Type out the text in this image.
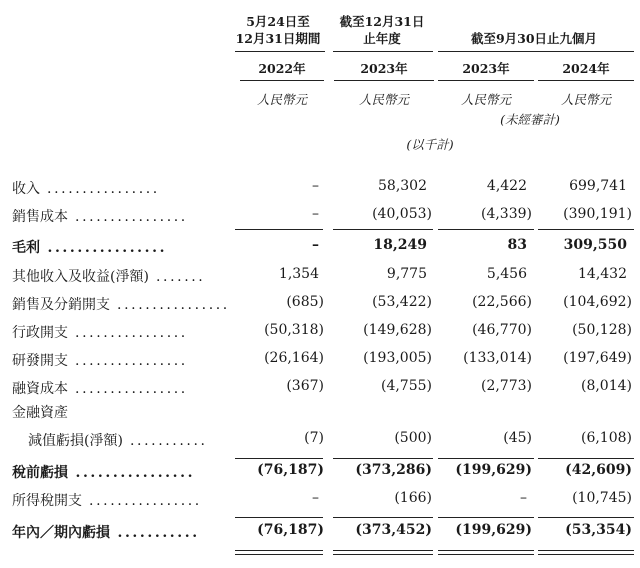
5月24日至
12月31日期間
截至12月31日
止年度	截至9月30日止九個月
2022年	2023年	2023年	2024年
人民幣元	人民幣元	人民幣元	人民幣元
(未經審計)
(以千計)
收入 ................	–	58,302	4,422	699,741
銷售成本 ................	–	(40,053)	(4,339) (390,191)
毛利 ................	–	18,249	83	309,550
其他收入及收益(淨額) .......	1,354	9,775	5,456	14,432
銷售及分銷開支 ................	(685)	(53,422)	(22,566) (104,692)
行政開支 ................	(50,318)	(149,628)	(46,770)	(50,128)
研發開支 ................	(26,164)	(193,005) (133,014) (197,649)
融資成本 ................	(367)	(4,755)	(2,773)	(8,014)
金融資產
減值虧損(淨額) ...........	(7)	(500)	(45)	(6,108)
稅前虧損 ................	(76,187) (373,286) (199,629) (42,609)
所得稅開支 ................	–	(166)	–	(10,745)
年內／期內虧損 ...........	(76,187) (373,452) (199,629) (53,354)
